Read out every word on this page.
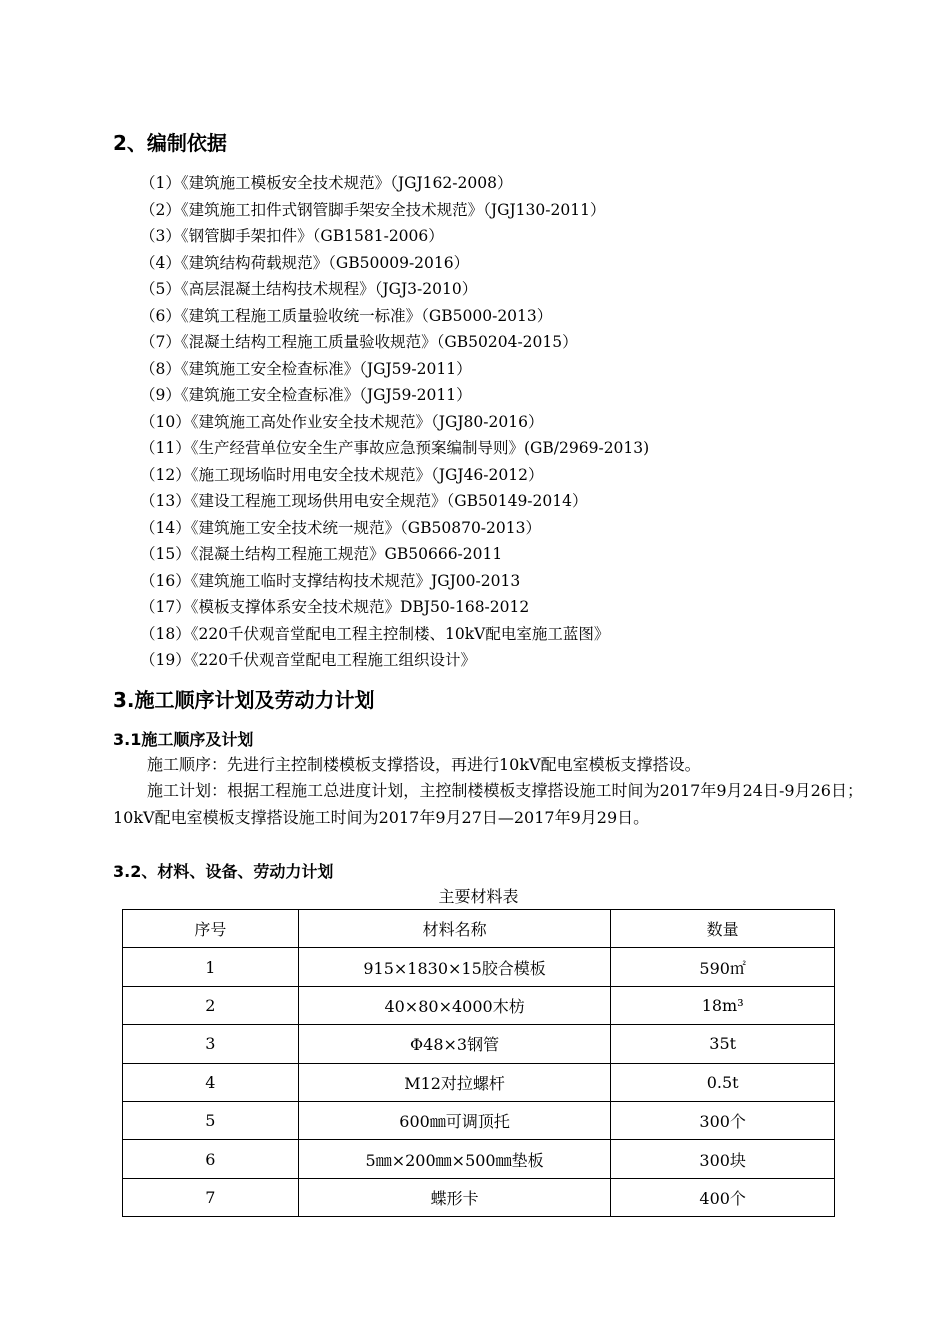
2、编制依据
（1）《建筑施工模板安全技术规范》（JGJ162-2008）
（2）《建筑施工扣件式钢管脚手架安全技术规范》（JGJ130-2011）
（3）《钢管脚手架扣件》（GB1581-2006）
（4）《建筑结构荷载规范》（GB50009-2016）
（5）《高层混凝土结构技术规程》（JGJ3-2010）
（6）《建筑工程施工质量验收统一标准》（GB5000-2013）
（7）《混凝土结构工程施工质量验收规范》（GB50204-2015）
（8）《建筑施工安全检查标准》（JGJ59-2011）
（9）《建筑施工安全检查标准》（JGJ59-2011）
（10）《建筑施工高处作业安全技术规范》（JGJ80-2016）
（11）《生产经营单位安全生产事故应急预案编制导则》(GB/2969-2013)
（12）《施工现场临时用电安全技术规范》（JGJ46-2012）
（13）《建设工程施工现场供用电安全规范》（GB50149-2014）
（14）《建筑施工安全技术统一规范》（GB50870-2013）
（15）《混凝土结构工程施工规范》GB50666-2011
（16）《建筑施工临时支撑结构技术规范》JGJ00-2013
（17）《模板支撑体系安全技术规范》DBJ50-168-2012
（18）《220千伏观音堂配电工程主控制楼、10kV配电室施工蓝图》
（19）《220千伏观音堂配电工程施工组织设计》
3.施工顺序计划及劳动力计划
3.1施工顺序及计划

施工顺序：先进行主控制楼模板支撑搭设，再进行10kV配电室模板支撑搭设。

施工计划：根据工程施工总进度计划，主控制楼模板支撑搭设施工时间为2017年9月24日-9月26日；10kV配电室模板支撑搭设施工时间为2017年9月27日—2017年9月29日。

3.2、材料、设备、劳动力计划
主要材料表
序号	材料名称	数量
1	915×1830×15胶合模板	590㎡
2	40×80×4000木枋	18m³
3	Φ48×3钢管	35t
4	M12对拉螺杆	0.5t
5	600㎜可调顶托	300个
6	5㎜×200㎜×500㎜垫板	300块
7	蝶形卡	400个
